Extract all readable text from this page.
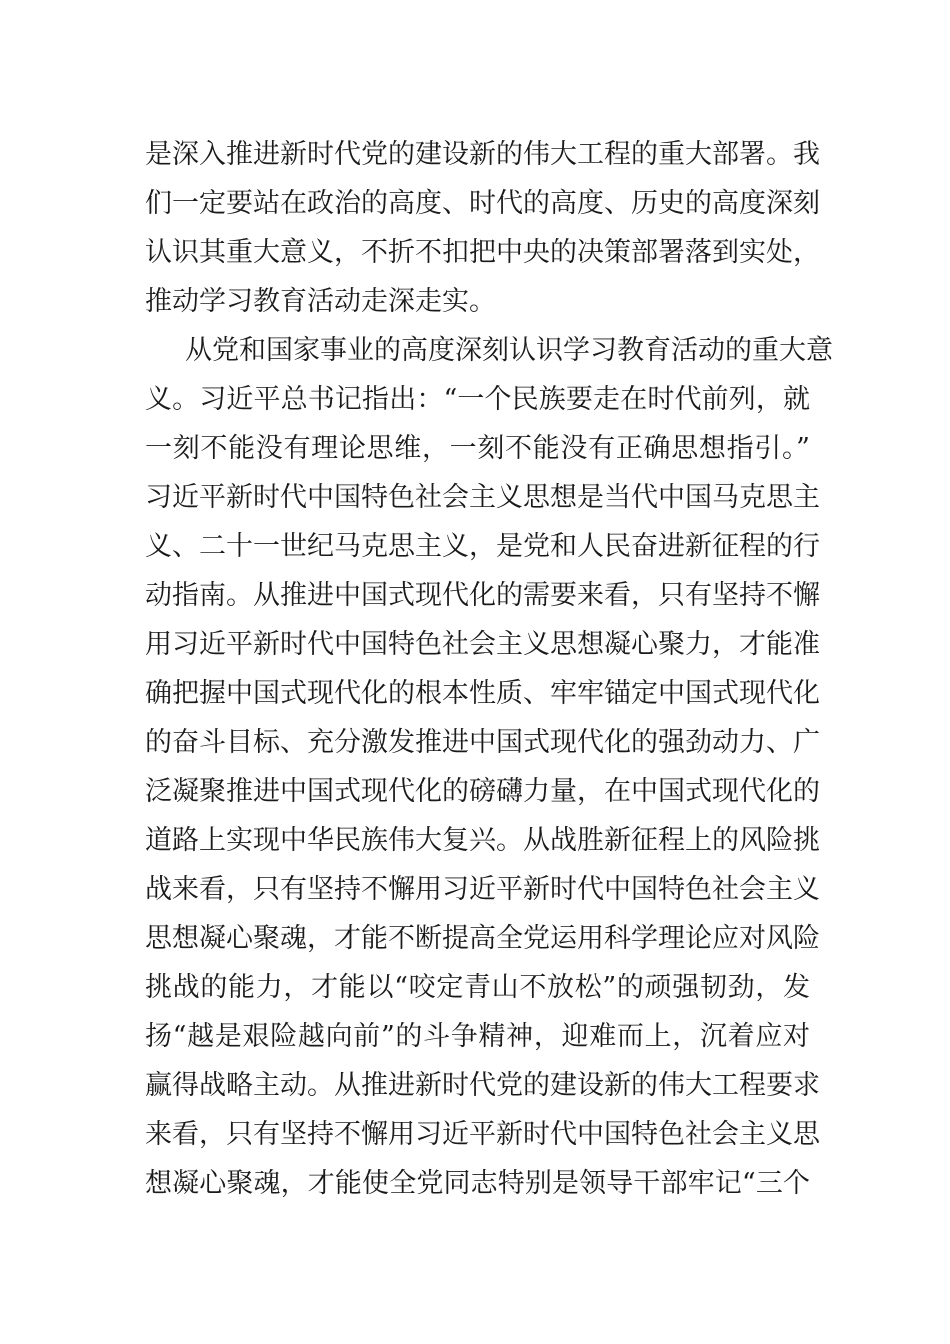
是深入推进新时代党的建设新的伟大工程的重大部署。我
们一定要站在政治的高度、时代的高度、历史的高度深刻
认识其重大意义，不折不扣把中央的决策部署落到实处，
推动学习教育活动走深走实。
从党和国家事业的高度深刻认识学习教育活动的重大意
义。习近平总书记指出：“一个民族要走在时代前列，就
一刻不能没有理论思维，一刻不能没有正确思想指引。”
习近平新时代中国特色社会主义思想是当代中国马克思主
义、二十一世纪马克思主义，是党和人民奋进新征程的行
动指南。从推进中国式现代化的需要来看，只有坚持不懈
用习近平新时代中国特色社会主义思想凝心聚力，才能准
确把握中国式现代化的根本性质、牢牢锚定中国式现代化
的奋斗目标、充分激发推进中国式现代化的强劲动力、广
泛凝聚推进中国式现代化的磅礴力量，在中国式现代化的
道路上实现中华民族伟大复兴。从战胜新征程上的风险挑
战来看，只有坚持不懈用习近平新时代中国特色社会主义
思想凝心聚魂，才能不断提高全党运用科学理论应对风险
挑战的能力，才能以“咬定青山不放松”的顽强韧劲，发
扬“越是艰险越向前”的斗争精神，迎难而上，沉着应对
赢得战略主动。从推进新时代党的建设新的伟大工程要求
来看，只有坚持不懈用习近平新时代中国特色社会主义思
想凝心聚魂，才能使全党同志特别是领导干部牢记“三个
